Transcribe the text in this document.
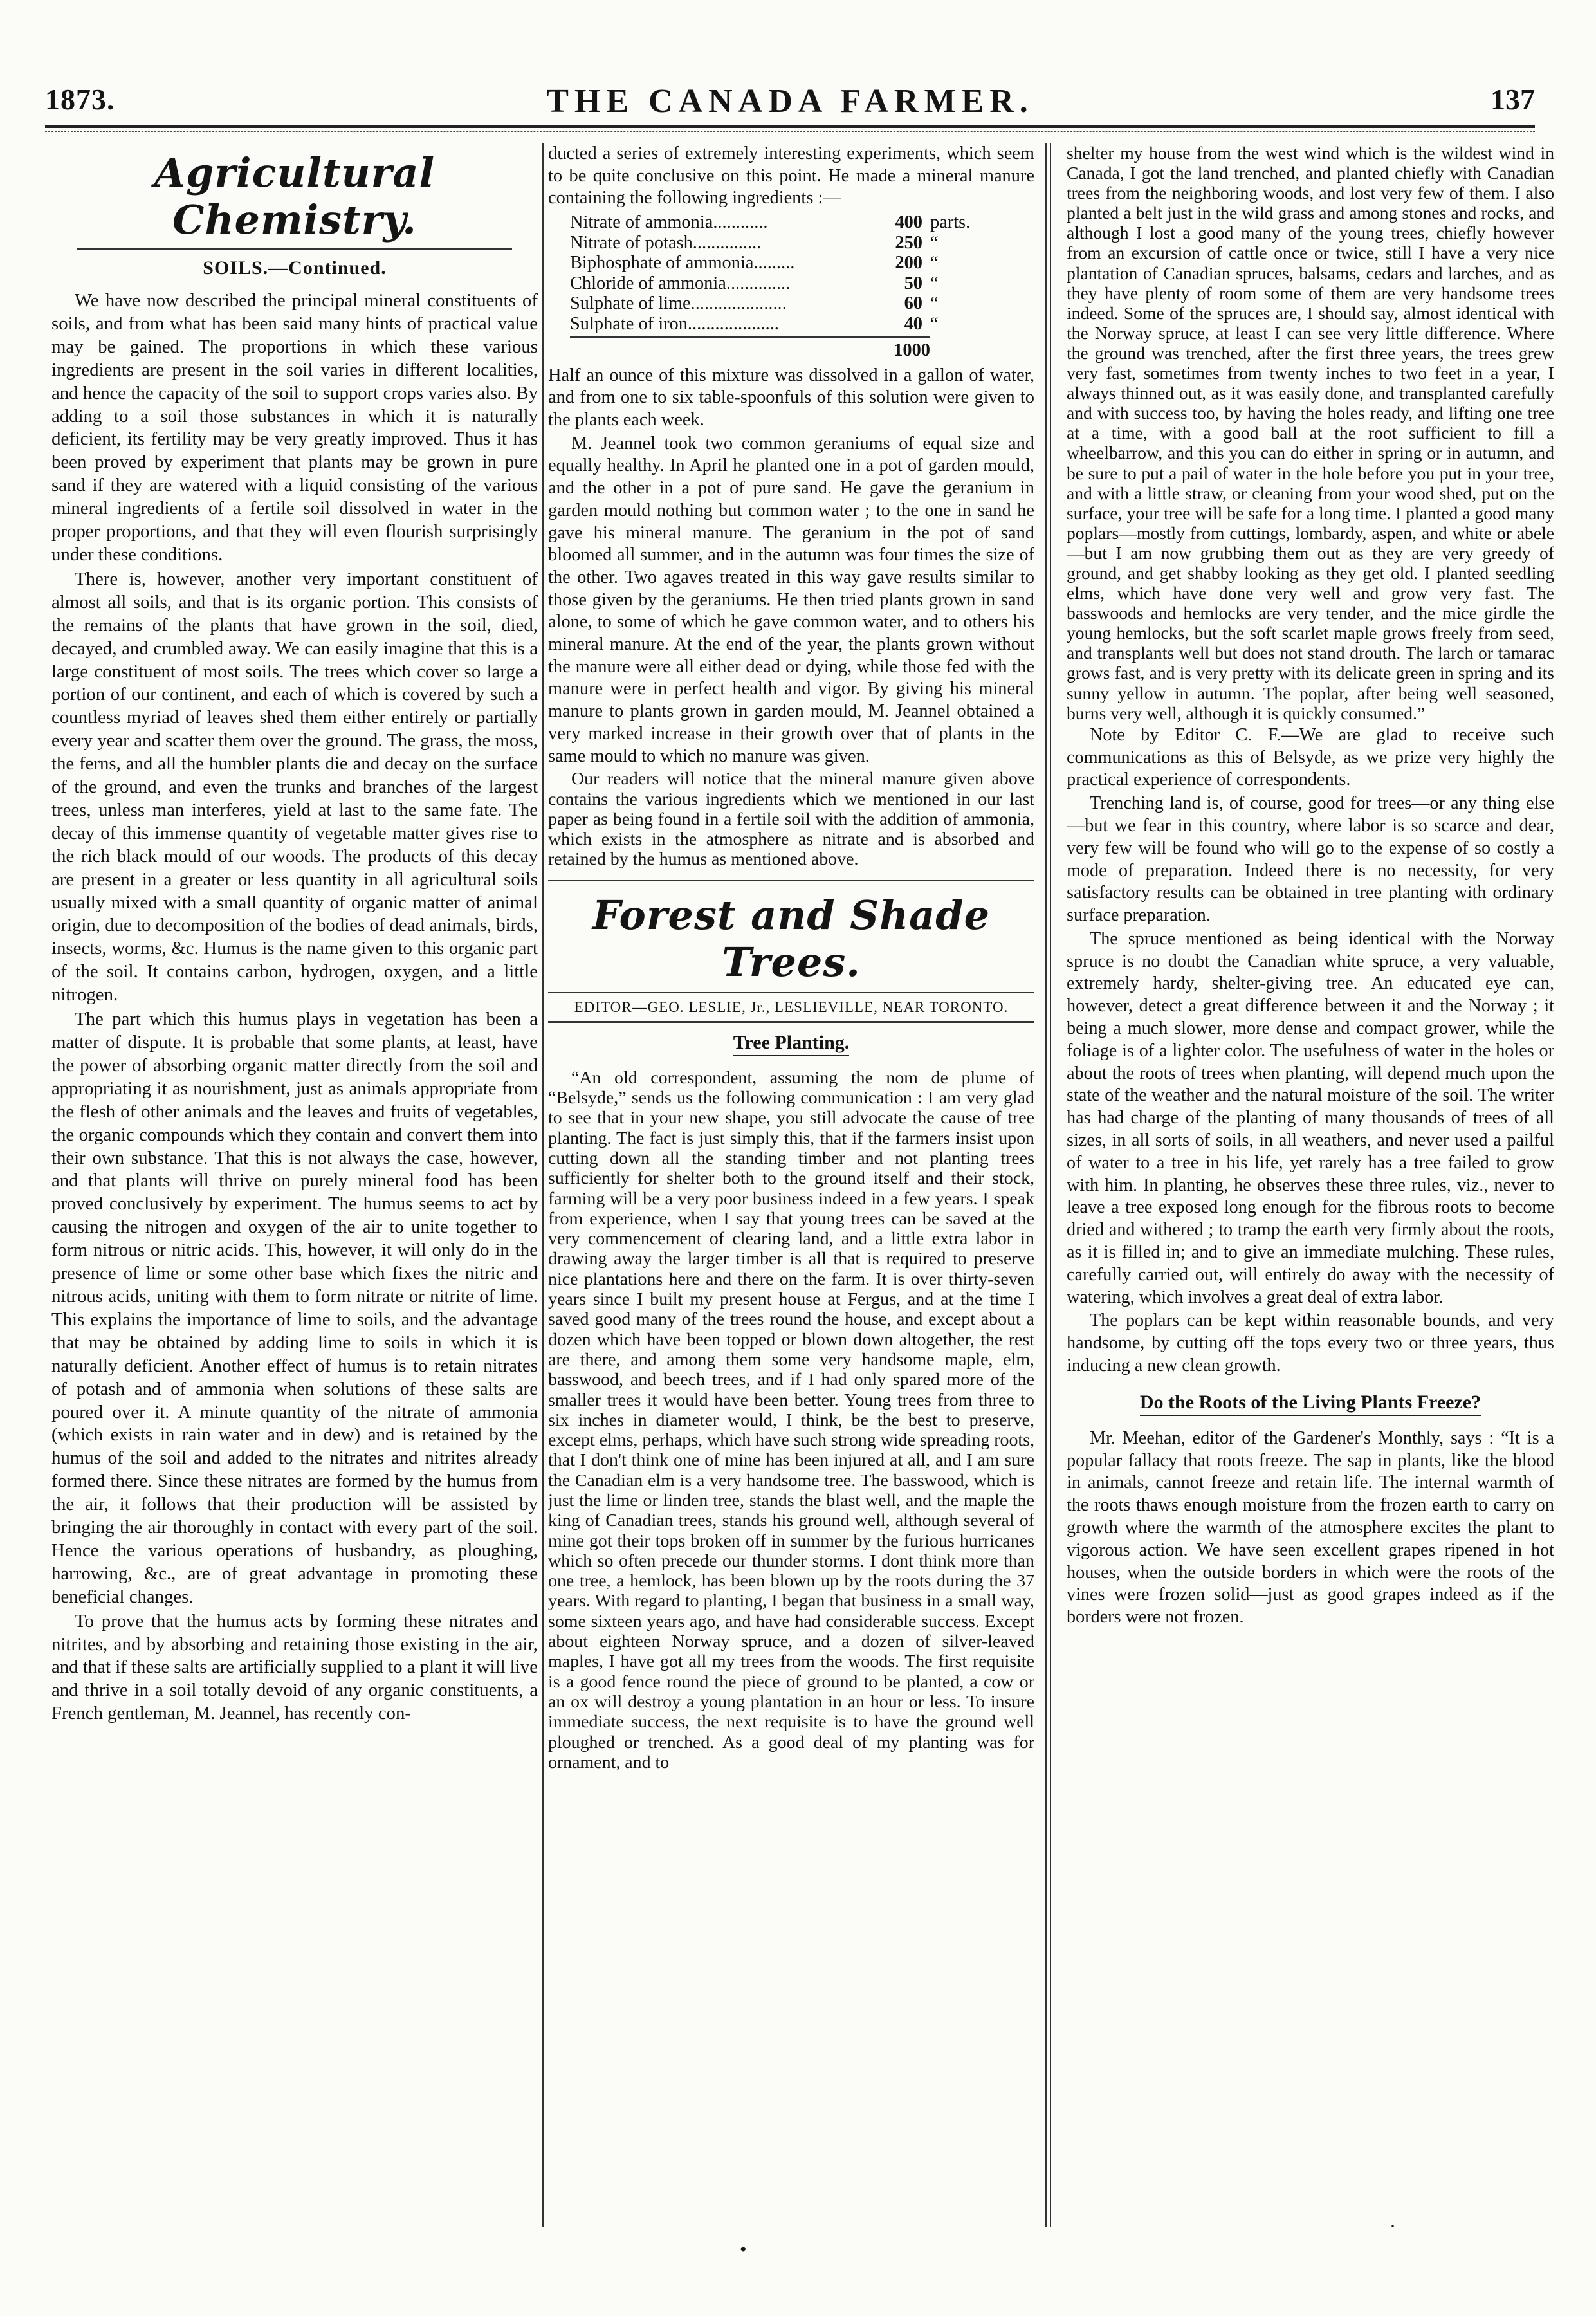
1873.	THE CANADA FARMER.	137
Agricultural Chemistry.
SOILS.—Continued.

We have now described the principal mineral constituents of soils, and from what has been said many hints of practical value may be gained. The proportions in which these various ingredients are present in the soil varies in different localities, and hence the capacity of the soil to support crops varies also. By adding to a soil those substances in which it is naturally deficient, its fertility may be very greatly improved. Thus it has been proved by experiment that plants may be grown in pure sand if they are watered with a liquid consisting of the various mineral ingredients of a fertile soil dissolved in water in the proper proportions, and that they will even flourish surprisingly under these conditions.

There is, however, another very important constituent of almost all soils, and that is its organic portion. This consists of the remains of the plants that have grown in the soil, died, decayed, and crumbled away. We can easily imagine that this is a large constituent of most soils. The trees which cover so large a portion of our continent, and each of which is covered by such a countless myriad of leaves shed them either entirely or partially every year and scatter them over the ground. The grass, the moss, the ferns, and all the humbler plants die and decay on the surface of the ground, and even the trunks and branches of the largest trees, unless man interferes, yield at last to the same fate. The decay of this immense quantity of vegetable matter gives rise to the rich black mould of our woods. The products of this decay are present in a greater or less quantity in all agricultural soils usually mixed with a small quantity of organic matter of animal origin, due to decomposition of the bodies of dead animals, birds, insects, worms, &c. Humus is the name given to this organic part of the soil. It contains carbon, hydrogen, oxygen, and a little nitrogen.

The part which this humus plays in vegetation has been a matter of dispute. It is probable that some plants, at least, have the power of absorbing organic matter directly from the soil and appropriating it as nourishment, just as animals appropriate from the flesh of other animals and the leaves and fruits of vegetables, the organic compounds which they contain and convert them into their own substance. That this is not always the case, however, and that plants will thrive on purely mineral food has been proved conclusively by experiment. The humus seems to act by causing the nitrogen and oxygen of the air to unite together to form nitrous or nitric acids. This, however, it will only do in the presence of lime or some other base which fixes the nitric and nitrous acids, uniting with them to form nitrate or nitrite of lime. This explains the importance of lime to soils, and the advantage that may be obtained by adding lime to soils in which it is naturally deficient. Another effect of humus is to retain nitrates of potash and of ammonia when solutions of these salts are poured over it. A minute quantity of the nitrate of ammonia (which exists in rain water and in dew) and is retained by the humus of the soil and added to the nitrates and nitrites already formed there. Since these nitrates are formed by the humus from the air, it follows that their production will be assisted by bringing the air thoroughly in contact with every part of the soil. Hence the various operations of husbandry, as ploughing, harrowing, &c., are of great advantage in promoting these beneficial changes.

To prove that the humus acts by forming these nitrates and nitrites, and by absorbing and retaining those existing in the air, and that if these salts are artificially supplied to a plant it will live and thrive in a soil totally devoid of any organic constituents, a French gentleman, M. Jeannel, has recently con-

ducted a series of extremely interesting experiments, which seem to be quite conclusive on this point. He made a mineral manure containing the following ingredients :—

Nitrate of ammonia............	400 parts.
Nitrate of potash...............	250 “
Biphosphate of ammonia.........	200 “
Chloride of ammonia..............	50 “
Sulphate of lime.....................	60 “
Sulphate of iron....................	40 “
1000

Half an ounce of this mixture was dissolved in a gallon of water, and from one to six table-spoonfuls of this solution were given to the plants each week.

M. Jeannel took two common geraniums of equal size and equally healthy. In April he planted one in a pot of garden mould, and the other in a pot of pure sand. He gave the geranium in garden mould nothing but common water ; to the one in sand he gave his mineral manure. The geranium in the pot of sand bloomed all summer, and in the autumn was four times the size of the other. Two agaves treated in this way gave results similar to those given by the geraniums. He then tried plants grown in sand alone, to some of which he gave common water, and to others his mineral manure. At the end of the year, the plants grown without the manure were all either dead or dying, while those fed with the manure were in perfect health and vigor. By giving his mineral manure to plants grown in garden mould, M. Jeannel obtained a very marked increase in their growth over that of plants in the same mould to which no manure was given.

Our readers will notice that the mineral manure given above contains the various ingredients which we mentioned in our last paper as being found in a fertile soil with the addition of ammonia, which exists in the atmosphere as nitrate and is absorbed and retained by the humus as mentioned above.

Forest and Shade Trees.
EDITOR—GEO. LESLIE, Jr., LESLIEVILLE, NEAR TORONTO.
Tree Planting.

“An old correspondent, assuming the nom de plume of “Belsyde,” sends us the following communication : I am very glad to see that in your new shape, you still advocate the cause of tree planting. The fact is just simply this, that if the farmers insist upon cutting down all the standing timber and not planting trees sufficiently for shelter both to the ground itself and their stock, farming will be a very poor business indeed in a few years. I speak from experience, when I say that young trees can be saved at the very commencement of clearing land, and a little extra labor in drawing away the larger timber is all that is required to preserve nice plantations here and there on the farm. It is over thirty-seven years since I built my present house at Fergus, and at the time I saved good many of the trees round the house, and except about a dozen which have been topped or blown down altogether, the rest are there, and among them some very handsome maple, elm, basswood, and beech trees, and if I had only spared more of the smaller trees it would have been better. Young trees from three to six inches in diameter would, I think, be the best to preserve, except elms, perhaps, which have such strong wide spreading roots, that I don't think one of mine has been injured at all, and I am sure the Canadian elm is a very handsome tree. The basswood, which is just the lime or linden tree, stands the blast well, and the maple the king of Canadian trees, stands his ground well, although several of mine got their tops broken off in summer by the furious hurricanes which so often precede our thunder storms. I dont think more than one tree, a hemlock, has been blown up by the roots during the 37 years. With regard to planting, I began that business in a small way, some sixteen years ago, and have had considerable success. Except about eighteen Norway spruce, and a dozen of silver-leaved maples, I have got all my trees from the woods. The first requisite is a good fence round the piece of ground to be planted, a cow or an ox will destroy a young plantation in an hour or less. To insure immediate success, the next requisite is to have the ground well ploughed or trenched. As a good deal of my planting was for ornament, and to

shelter my house from the west wind which is the wildest wind in Canada, I got the land trenched, and planted chiefly with Canadian trees from the neighboring woods, and lost very few of them. I also planted a belt just in the wild grass and among stones and rocks, and although I lost a good many of the young trees, chiefly however from an excursion of cattle once or twice, still I have a very nice plantation of Canadian spruces, balsams, cedars and larches, and as they have plenty of room some of them are very handsome trees indeed. Some of the spruces are, I should say, almost identical with the Norway spruce, at least I can see very little difference. Where the ground was trenched, after the first three years, the trees grew very fast, sometimes from twenty inches to two feet in a year, I always thinned out, as it was easily done, and transplanted carefully and with success too, by having the holes ready, and lifting one tree at a time, with a good ball at the root sufficient to fill a wheelbarrow, and this you can do either in spring or in autumn, and be sure to put a pail of water in the hole before you put in your tree, and with a little straw, or cleaning from your wood shed, put on the surface, your tree will be safe for a long time. I planted a good many poplars—mostly from cuttings, lombardy, aspen, and white or abele—but I am now grubbing them out as they are very greedy of ground, and get shabby looking as they get old. I planted seedling elms, which have done very well and grow very fast. The basswoods and hemlocks are very tender, and the mice girdle the young hemlocks, but the soft scarlet maple grows freely from seed, and transplants well but does not stand drouth. The larch or tamarac grows fast, and is very pretty with its delicate green in spring and its sunny yellow in autumn. The poplar, after being well seasoned, burns very well, although it is quickly consumed.”

Note by Editor C. F.—We are glad to receive such communications as this of Belsyde, as we prize very highly the practical experience of correspondents.

Trenching land is, of course, good for trees—or any thing else—but we fear in this country, where labor is so scarce and dear, very few will be found who will go to the expense of so costly a mode of preparation. Indeed there is no necessity, for very satisfactory results can be obtained in tree planting with ordinary surface preparation.

The spruce mentioned as being identical with the Norway spruce is no doubt the Canadian white spruce, a very valuable, extremely hardy, shelter-giving tree. An educated eye can, however, detect a great difference between it and the Norway ; it being a much slower, more dense and compact grower, while the foliage is of a lighter color. The usefulness of water in the holes or about the roots of trees when planting, will depend much upon the state of the weather and the natural moisture of the soil. The writer has had charge of the planting of many thousands of trees of all sizes, in all sorts of soils, in all weathers, and never used a pailful of water to a tree in his life, yet rarely has a tree failed to grow with him. In planting, he observes these three rules, viz., never to leave a tree exposed long enough for the fibrous roots to become dried and withered ; to tramp the earth very firmly about the roots, as it is filled in; and to give an immediate mulching. These rules, carefully carried out, will entirely do away with the necessity of watering, which involves a great deal of extra labor.

The poplars can be kept within reasonable bounds, and very handsome, by cutting off the tops every two or three years, thus inducing a new clean growth.

Do the Roots of the Living Plants Freeze?

Mr. Meehan, editor of the Gardener's Monthly, says : “It is a popular fallacy that roots freeze. The sap in plants, like the blood in animals, cannot freeze and retain life. The internal warmth of the roots thaws enough moisture from the frozen earth to carry on growth where the warmth of the atmosphere excites the plant to vigorous action. We have seen excellent grapes ripened in hot houses, when the outside borders in which were the roots of the vines were frozen solid—just as good grapes indeed as if the borders were not frozen.

•
·
